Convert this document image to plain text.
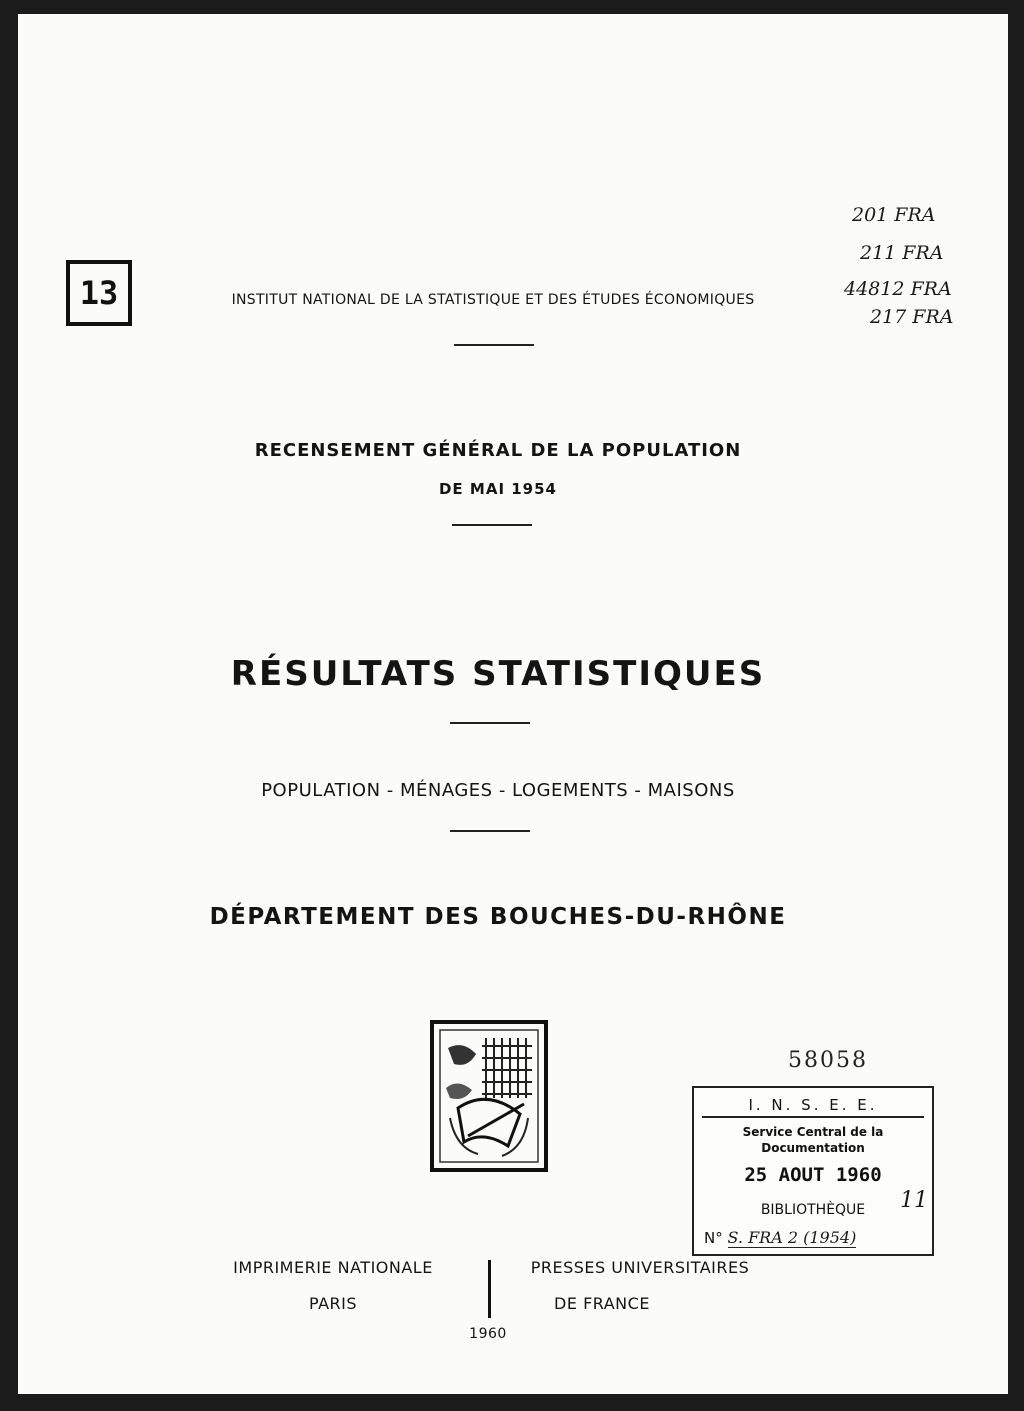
13	INSTITUT NATIONAL DE LA STATISTIQUE ET DES ÉTUDES ÉCONOMIQUES
201 FRA
211 FRA
44812 FRA
217 FRA
RECENSEMENT GÉNÉRAL DE LA POPULATION
DE MAI 1954
RÉSULTATS STATISTIQUES
POPULATION - MÉNAGES - LOGEMENTS - MAISONS
DÉPARTEMENT DES BOUCHES-DU-RHÔNE
58058
I. N. S. E. E.
Service Central de la
Documentation
25 AOUT 1960
BIBLIOTHÈQUE	11
N° S. FRA 2 (1954)
IMPRIMERIE NATIONALE
PARIS
PRESSES UNIVERSITAIRES
DE FRANCE
1960
